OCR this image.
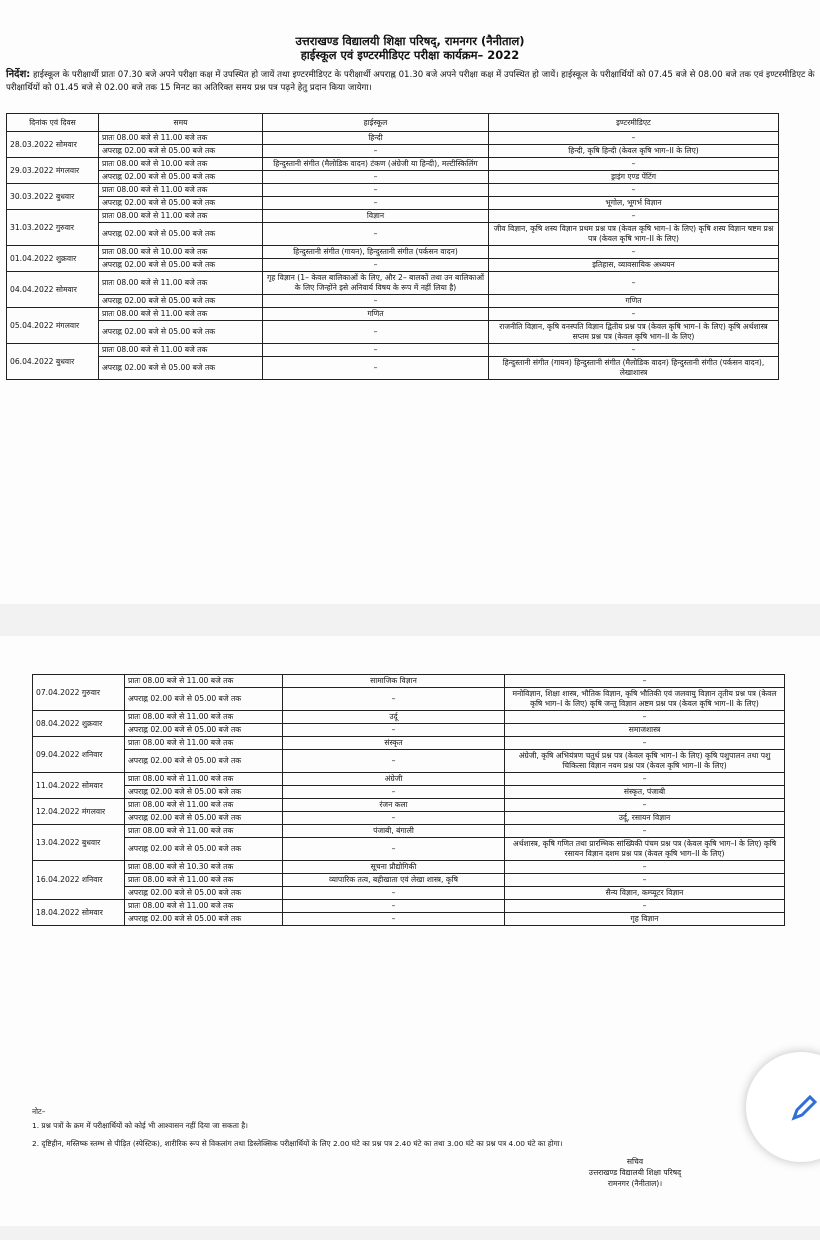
उत्तराखण्ड विद्यालयी शिक्षा परिषद्, रामनगर (नैनीताल)
हाईस्कूल एवं इण्टरमीडिएट परीक्षा कार्यक्रम– 2022
निर्देश: हाईस्कूल के परीक्षार्थी प्रातः 07.30 बजे अपने परीक्षा कक्ष में उपस्थित हो जायें तथा इण्टरमीडिएट के परीक्षार्थी अपराह्न 01.30 बजे अपने परीक्षा कक्ष में उपस्थित हो जायें। हाईस्कूल के परीक्षार्थियों को 07.45 बजे से 08.00 बजे तक एवं इण्टरमीडिएट के परीक्षार्थियों को 01.45 बजे से 02.00 बजे तक 15 मिनट का अतिरिक्त समय प्रश्न पत्र पढ़ने हेतु प्रदान किया जायेगा।
दिनांक एवं दिवस	समय	हाईस्कूल	इण्टरमीडिएट
28.03.2022 सोमवार	प्रातः 08.00 बजे से 11.00 बजे तक	हिन्दी	–
	अपराह्न 02.00 बजे से 05.00 बजे तक	–	हिन्दी, कृषि हिन्दी (केवल कृषि भाग–II के लिए)
29.03.2022 मंगलवार	प्रातः 08.00 बजे से 10.00 बजे तक	हिन्दुस्तानी संगीत (मैलोडिक वादन) टंकण (अंग्रेजी या हिन्दी), मल्टीस्किलिंग	–
	अपराह्न 02.00 बजे से 05.00 बजे तक	–	ड्राइंग एण्ड पेंटिंग
30.03.2022 बुधवार	प्रातः 08.00 बजे से 11.00 बजे तक	–	–
	अपराह्न 02.00 बजे से 05.00 बजे तक	–	भूगोल, भूगर्भ विज्ञान
31.03.2022 गुरुवार	प्रातः 08.00 बजे से 11.00 बजे तक	विज्ञान	–
	अपराह्न 02.00 बजे से 05.00 बजे तक	–	जीव विज्ञान, कृषि शस्य विज्ञान प्रथम प्रश्न पत्र (केवल कृषि भाग–I के लिए) कृषि शस्य विज्ञान षष्टम प्रश्न पत्र (केवल कृषि भाग–II के लिए)
01.04.2022 शुक्रवार	प्रातः 08.00 बजे से 10.00 बजे तक	हिन्दुस्तानी संगीत (गायन), हिन्दुस्तानी संगीत (पर्कसन वादन)	–
	अपराह्न 02.00 बजे से 05.00 बजे तक	–	इतिहास, व्यावसायिक अध्ययन
04.04.2022 सोमवार	प्रातः 08.00 बजे से 11.00 बजे तक	गृह विज्ञान (1– केवल बालिकाओं के लिए, और 2– बालकों तथा उन बालिकाओं के लिए जिन्होंने इसे अनिवार्य विषय के रूप में नहीं लिया है)	–
	अपराह्न 02.00 बजे से 05.00 बजे तक	–	गणित
05.04.2022 मंगलवार	प्रातः 08.00 बजे से 11.00 बजे तक	गणित	–
	अपराह्न 02.00 बजे से 05.00 बजे तक	–	राजनीति विज्ञान, कृषि वनस्पति विज्ञान द्वितीय प्रश्न पत्र (केवल कृषि भाग–I के लिए) कृषि अर्थशास्त्र सप्तम प्रश्न पत्र (केवल कृषि भाग–II के लिए)
06.04.2022 बुधवार	प्रातः 08.00 बजे से 11.00 बजे तक	–	–
	अपराह्न 02.00 बजे से 05.00 बजे तक	–	हिन्दुस्तानी संगीत (गायन) हिन्दुस्तानी संगीत (मैलोडिक वादन) हिन्दुस्तानी संगीत (पर्कसन वादन), लेखाशास्त्र
07.04.2022 गुरुवार	प्रातः 08.00 बजे से 11.00 बजे तक	सामाजिक विज्ञान	–
	अपराह्न 02.00 बजे से 05.00 बजे तक	–	मनोविज्ञान, शिक्षा शास्त्र, भौतिक विज्ञान, कृषि भौतिकी एवं जलवायु विज्ञान तृतीय प्रश्न पत्र (केवल कृषि भाग–I के लिए) कृषि जन्तु विज्ञान अष्टम प्रश्न पत्र (केवल कृषि भाग–II के लिए)
08.04.2022 शुक्रवार	प्रातः 08.00 बजे से 11.00 बजे तक	उर्दू	–
	अपराह्न 02.00 बजे से 05.00 बजे तक	–	समाजशास्त्र
09.04.2022 शनिवार	प्रातः 08.00 बजे से 11.00 बजे तक	संस्कृत	–
	अपराह्न 02.00 बजे से 05.00 बजे तक	–	अंग्रेजी, कृषि अभियंत्रण चतुर्थ प्रश्न पत्र (केवल कृषि भाग–I के लिए) कृषि पशुपालन तथा पशु चिकित्सा विज्ञान नवम प्रश्न पत्र (केवल कृषि भाग–II के लिए)
11.04.2022 सोमवार	प्रातः 08.00 बजे से 11.00 बजे तक	अंग्रेजी	–
	अपराह्न 02.00 बजे से 05.00 बजे तक	–	संस्कृत, पंजाबी
12.04.2022 मंगलवार	प्रातः 08.00 बजे से 11.00 बजे तक	रंजन कला	–
	अपराह्न 02.00 बजे से 05.00 बजे तक	–	उर्दू, रसायन विज्ञान
13.04.2022 बुधवार	प्रातः 08.00 बजे से 11.00 बजे तक	पंजाबी, बंगाली	–
	अपराह्न 02.00 बजे से 05.00 बजे तक	–	अर्थशास्त्र, कृषि गणित तथा प्रारम्भिक सांख्यिकी पंचम प्रश्न पत्र (केवल कृषि भाग–I के लिए) कृषि रसायन विज्ञान दशम प्रश्न पत्र (केवल कृषि भाग–II के लिए)
16.04.2022 शनिवार	प्रातः 08.00 बजे से 10.30 बजे तक	सूचना प्रौद्योगिकी	–
	प्रातः 08.00 बजे से 11.00 बजे तक	व्यापारिक तत्व, बहीखाता एवं लेखा शास्त्र, कृषि	–
	अपराह्न 02.00 बजे से 05.00 बजे तक	–	सैन्य विज्ञान, कम्प्यूटर विज्ञान
18.04.2022 सोमवार	प्रातः 08.00 बजे से 11.00 बजे तक	–	–
	अपराह्न 02.00 बजे से 05.00 बजे तक	–	गृह विज्ञान
नोट–
1. प्रश्न पत्रों के क्रम में परीक्षार्थियों को कोई भी आश्वासन नहीं दिया जा सकता है।
2. दृष्टिहीन, मस्तिष्क स्तम्भ से पीड़ित (स्पेस्टिक), शारीरिक रूप से विकलांग तथा डिस्लेक्सिक परीक्षार्थियों के लिए 2.00 घंटे का प्रश्न पत्र 2.40 घंटे का तथा 3.00 घंटे का प्रश्न पत्र 4.00 घंटे का होगा।
सचिव
उत्तराखण्ड विद्यालयी शिक्षा परिषद्
रामनगर (नैनीताल)।
